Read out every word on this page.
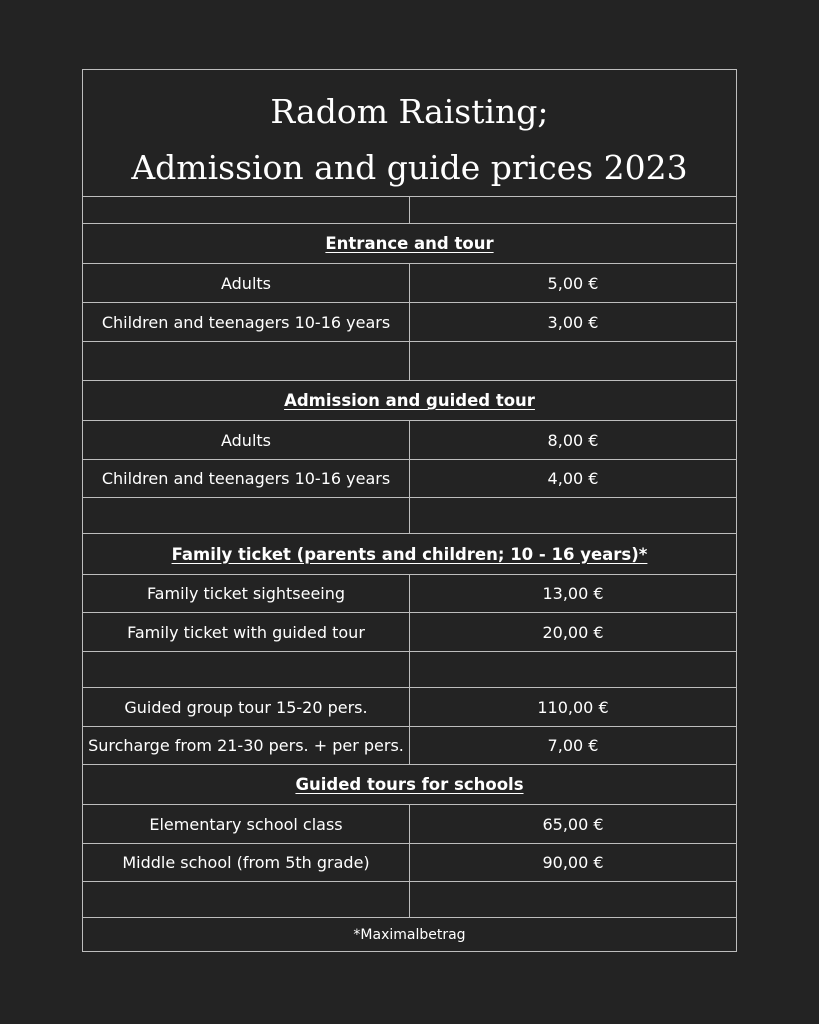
Radom Raisting;
Admission and guide prices 2023
Entrance and tour
Adults	5,00 €
Children and teenagers 10-16 years	3,00 €
Admission and guided tour
Adults	8,00 €
Children and teenagers 10-16 years	4,00 €
Family ticket (parents and children; 10 - 16 years)*
Family ticket sightseeing	13,00 €
Family ticket with guided tour	20,00 €
Guided group tour 15-20 pers.	110,00 €
Surcharge from 21-30 pers. + per pers.	7,00 €
Guided tours for schools
Elementary school class	65,00 €
Middle school (from 5th grade)	90,00 €
*Maximalbetrag
